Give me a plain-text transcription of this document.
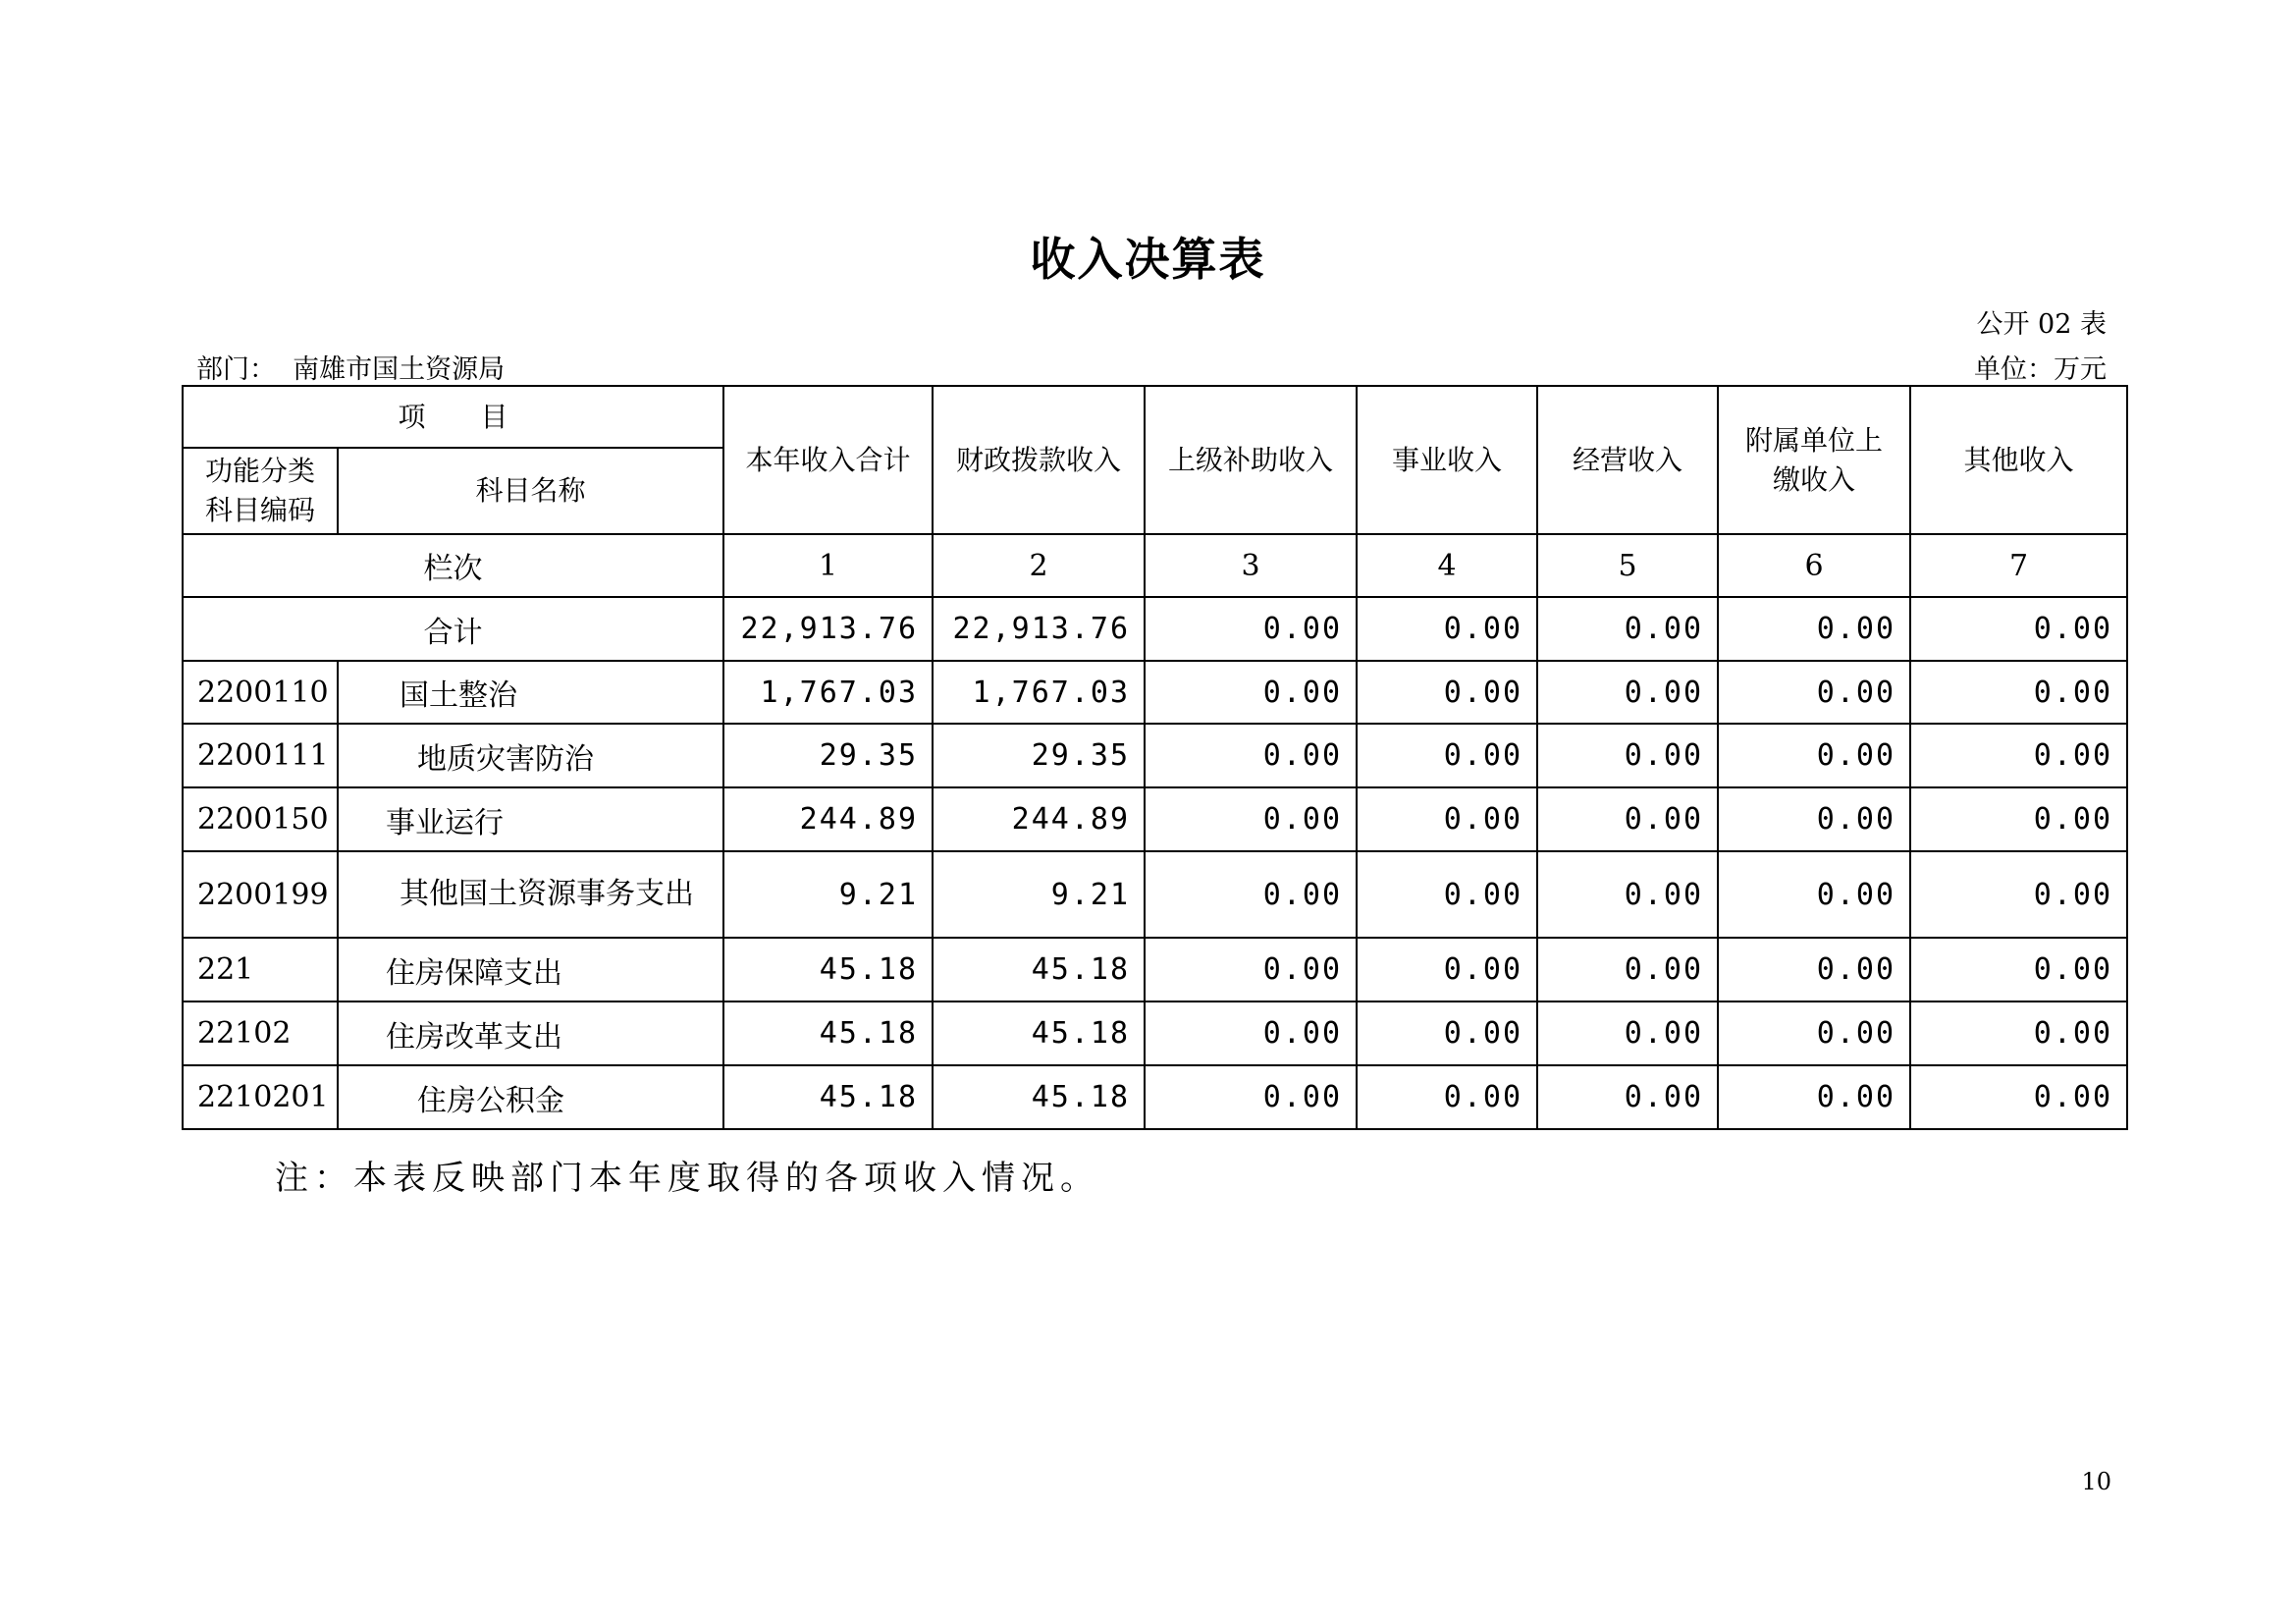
收入决算表
公开 02 表
部门： 南雄市国土资源局	单位：万元
项　　目		本年收入合计	财政拨款收入	上级补助收入	事业收入	经营收入	附属单位上缴收入	其他收入
功能分类科目编码	科目名称							
栏次		1	2	3	4	5	6	7
合计		22,913.76	22,913.76	0.00	0.00	0.00	0.00	0.00
2200110	国土整治	1,767.03	1,767.03	0.00	0.00	0.00	0.00	0.00
2200111	地质灾害防治	29.35	29.35	0.00	0.00	0.00	0.00	0.00
2200150	事业运行	244.89	244.89	0.00	0.00	0.00	0.00	0.00
2200199	其他国土资源事务支出	9.21	9.21	0.00	0.00	0.00	0.00	0.00
221	住房保障支出	45.18	45.18	0.00	0.00	0.00	0.00	0.00
22102	住房改革支出	45.18	45.18	0.00	0.00	0.00	0.00	0.00
2210201	住房公积金	45.18	45.18	0.00	0.00	0.00	0.00	0.00
注：本表反映部门本年度取得的各项收入情况。
10
